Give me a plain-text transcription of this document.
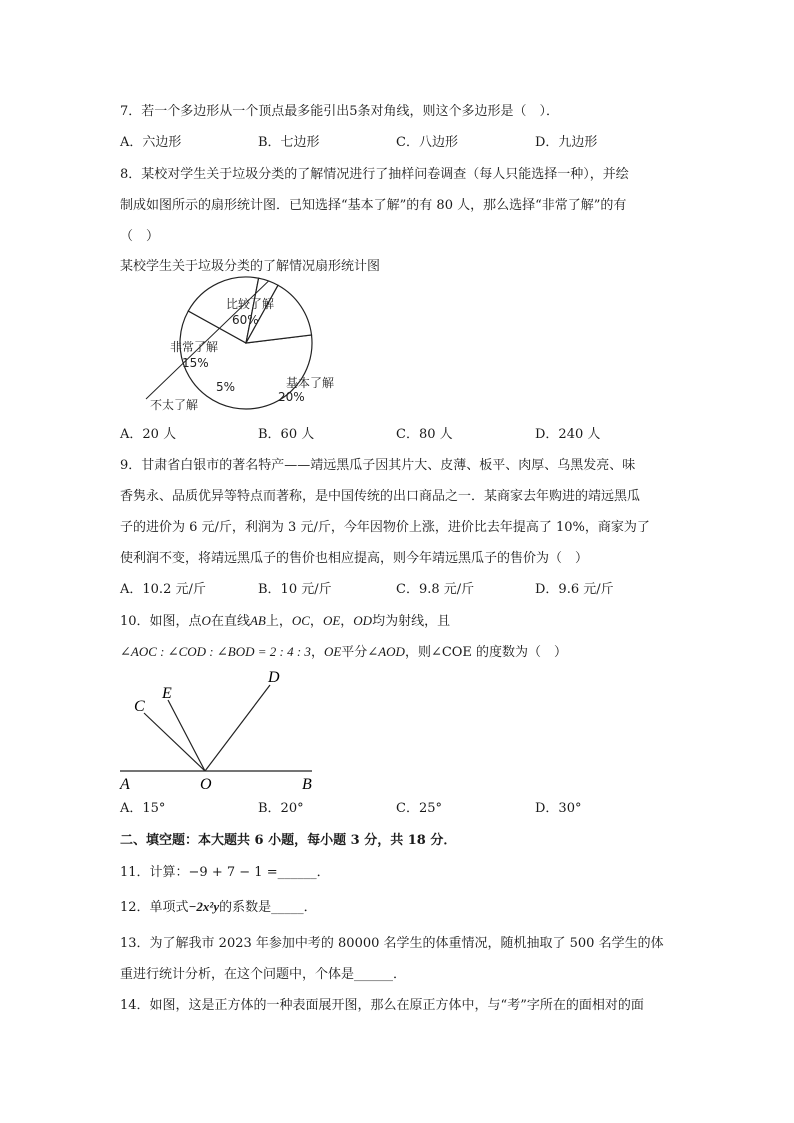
7．若一个多边形从一个顶点最多能引出5条对角线，则这个多边形是（　）．
A．六边形	B．七边形	C．八边形	D．九边形
8．某校对学生关于垃圾分类的了解情况进行了抽样问卷调查（每人只能选择一种），并绘
制成如图所示的扇形统计图．已知选择“基本了解”的有 80 人，那么选择“非常了解”的有
（　）
某校学生关于垃圾分类的了解情况扇形统计图
比较了解
60%
基本了解
20%
不太了解
5%
非常了解
15%
A．20 人	B．60 人	C．80 人	D．240 人
9．甘肃省白银市的著名特产——靖远黑瓜子因其片大、皮薄、板平、肉厚、乌黑发亮、味
香隽永、品质优异等特点而著称，是中国传统的出口商品之一．某商家去年购进的靖远黑瓜
子的进价为 6 元/斤，利润为 3 元/斤，今年因物价上涨，进价比去年提高了 10%，商家为了
使利润不变，将靖远黑瓜子的售价也相应提高，则今年靖远黑瓜子的售价为（　）
A．10.2 元/斤	B．10 元/斤	C．9.8 元/斤	D．9.6 元/斤
10．如图，点O在直线AB上，OC，OE，OD均为射线，且
∠AOC : ∠COD : ∠BOD = 2 : 4 : 3，OE平分∠AOD，则∠COE 的度数为（　）
A	O	B
C
E
D
A．15°	B．20°	C．25°	D．30°
二、填空题：本大题共 6 小题，每小题 3 分，共 18 分．
11．计算：−9 + 7 − 1 =______．
12．单项式−2x²y的系数是_____．
13．为了解我市 2023 年参加中考的 80000 名学生的体重情况，随机抽取了 500 名学生的体
重进行统计分析，在这个问题中，个体是______．
14．如图，这是正方体的一种表面展开图，那么在原正方体中，与“考”字所在的面相对的面
